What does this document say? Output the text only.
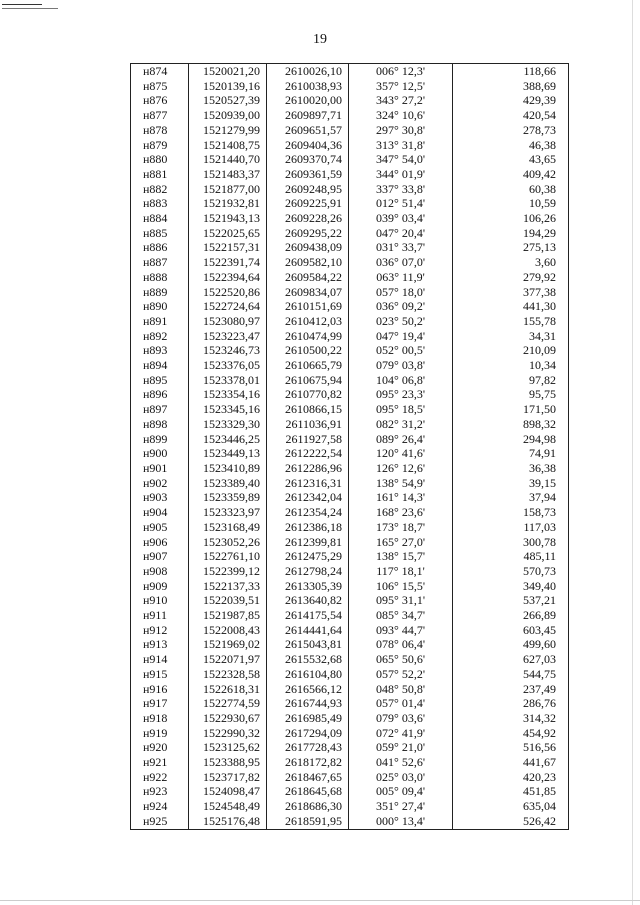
19
н874	1520021,20	2610026,10	006° 12,3'	118,66
н875	1520139,16	2610038,93	357° 12,5'	388,69
н876	1520527,39	2610020,00	343° 27,2'	429,39
н877	1520939,00	2609897,71	324° 10,6'	420,54
н878	1521279,99	2609651,57	297° 30,8'	278,73
н879	1521408,75	2609404,36	313° 31,8'	46,38
н880	1521440,70	2609370,74	347° 54,0'	43,65
н881	1521483,37	2609361,59	344° 01,9'	409,42
н882	1521877,00	2609248,95	337° 33,8'	60,38
н883	1521932,81	2609225,91	012° 51,4'	10,59
н884	1521943,13	2609228,26	039° 03,4'	106,26
н885	1522025,65	2609295,22	047° 20,4'	194,29
н886	1522157,31	2609438,09	031° 33,7'	275,13
н887	1522391,74	2609582,10	036° 07,0'	3,60
н888	1522394,64	2609584,22	063° 11,9'	279,92
н889	1522520,86	2609834,07	057° 18,0'	377,38
н890	1522724,64	2610151,69	036° 09,2'	441,30
н891	1523080,97	2610412,03	023° 50,2'	155,78
н892	1523223,47	2610474,99	047° 19,4'	34,31
н893	1523246,73	2610500,22	052° 00,5'	210,09
н894	1523376,05	2610665,79	079° 03,8'	10,34
н895	1523378,01	2610675,94	104° 06,8'	97,82
н896	1523354,16	2610770,82	095° 23,3'	95,75
н897	1523345,16	2610866,15	095° 18,5'	171,50
н898	1523329,30	2611036,91	082° 31,2'	898,32
н899	1523446,25	2611927,58	089° 26,4'	294,98
н900	1523449,13	2612222,54	120° 41,6'	74,91
н901	1523410,89	2612286,96	126° 12,6'	36,38
н902	1523389,40	2612316,31	138° 54,9'	39,15
н903	1523359,89	2612342,04	161° 14,3'	37,94
н904	1523323,97	2612354,24	168° 23,6'	158,73
н905	1523168,49	2612386,18	173° 18,7'	117,03
н906	1523052,26	2612399,81	165° 27,0'	300,78
н907	1522761,10	2612475,29	138° 15,7'	485,11
н908	1522399,12	2612798,24	117° 18,1'	570,73
н909	1522137,33	2613305,39	106° 15,5'	349,40
н910	1522039,51	2613640,82	095° 31,1'	537,21
н911	1521987,85	2614175,54	085° 34,7'	266,89
н912	1522008,43	2614441,64	093° 44,7'	603,45
н913	1521969,02	2615043,81	078° 06,4'	499,60
н914	1522071,97	2615532,68	065° 50,6'	627,03
н915	1522328,58	2616104,80	057° 52,2'	544,75
н916	1522618,31	2616566,12	048° 50,8'	237,49
н917	1522774,59	2616744,93	057° 01,4'	286,76
н918	1522930,67	2616985,49	079° 03,6'	314,32
н919	1522990,32	2617294,09	072° 41,9'	454,92
н920	1523125,62	2617728,43	059° 21,0'	516,56
н921	1523388,95	2618172,82	041° 52,6'	441,67
н922	1523717,82	2618467,65	025° 03,0'	420,23
н923	1524098,47	2618645,68	005° 09,4'	451,85
н924	1524548,49	2618686,30	351° 27,4'	635,04
н925	1525176,48	2618591,95	000° 13,4'	526,42
